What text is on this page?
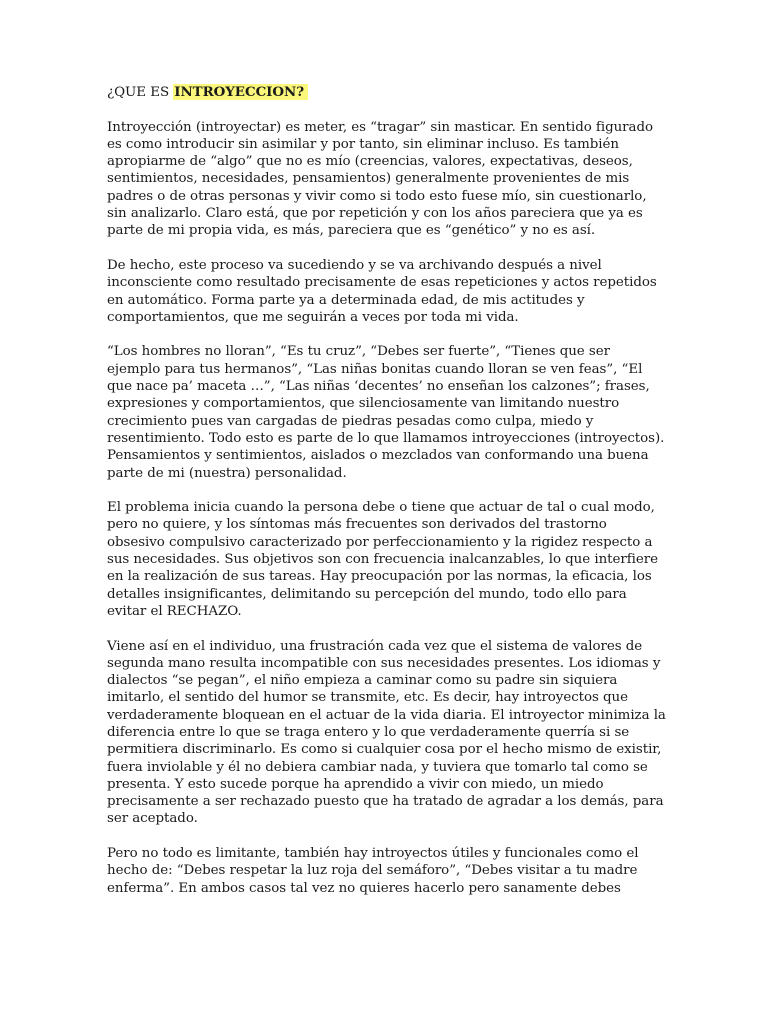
¿QUE ES INTROYECCION?

Introyección (introyectar) es meter, es “tragar” sin masticar. En sentido figurado es como introducir sin asimilar y por tanto, sin eliminar incluso. Es también apropiarme de “algo” que no es mío (creencias, valores, expectativas, deseos, sentimientos, necesidades, pensamientos) generalmente provenientes de mis padres o de otras personas y vivir como si todo esto fuese mío, sin cuestionarlo, sin analizarlo. Claro está, que por repetición y con los años pareciera que ya es parte de mi propia vida, es más, pareciera que es “genético” y no es así.

De hecho, este proceso va sucediendo y se va archivando después a nivel inconsciente como resultado precisamente de esas repeticiones y actos repetidos en automático. Forma parte ya a determinada edad, de mis actitudes y comportamientos, que me seguirán a veces por toda mi vida.

“Los hombres no lloran”, “Es tu cruz”, “Debes ser fuerte”, “Tienes que ser ejemplo para tus hermanos”, “Las niñas bonitas cuando lloran se ven feas”, “El que nace pa’ maceta …”, “Las niñas ‘decentes’ no enseñan los calzones”; frases, expresiones y comportamientos, que silenciosamente van limitando nuestro crecimiento pues van cargadas de piedras pesadas como culpa, miedo y resentimiento. Todo esto es parte de lo que llamamos introyecciones (introyectos). Pensamientos y sentimientos, aislados o mezclados van conformando una buena parte de mi (nuestra) personalidad.

El problema inicia cuando la persona debe o tiene que actuar de tal o cual modo, pero no quiere, y los síntomas más frecuentes son derivados del trastorno obsesivo compulsivo caracterizado por perfeccionamiento y la rigidez respecto a sus necesidades. Sus objetivos son con frecuencia inalcanzables, lo que interfiere en la realización de sus tareas. Hay preocupación por las normas, la eficacia, los detalles insignificantes, delimitando su percepción del mundo, todo ello para evitar el RECHAZO.

Viene así en el individuo, una frustración cada vez que el sistema de valores de segunda mano resulta incompatible con sus necesidades presentes. Los idiomas y dialectos “se pegan”, el niño empieza a caminar como su padre sin siquiera imitarlo, el sentido del humor se transmite, etc. Es decir, hay introyectos que verdaderamente bloquean en el actuar de la vida diaria. El introyector minimiza la diferencia entre lo que se traga entero y lo que verdaderamente querría si se permitiera discriminarlo. Es como si cualquier cosa por el hecho mismo de existir, fuera inviolable y él no debiera cambiar nada, y tuviera que tomarlo tal como se presenta. Y esto sucede porque ha aprendido a vivir con miedo, un miedo precisamente a ser rechazado puesto que ha tratado de agradar a los demás, para ser aceptado.

Pero no todo es limitante, también hay introyectos útiles y funcionales como el hecho de: “Debes respetar la luz roja del semáforo”, “Debes visitar a tu madre enferma”. En ambos casos tal vez no quieres hacerlo pero sanamente debes
